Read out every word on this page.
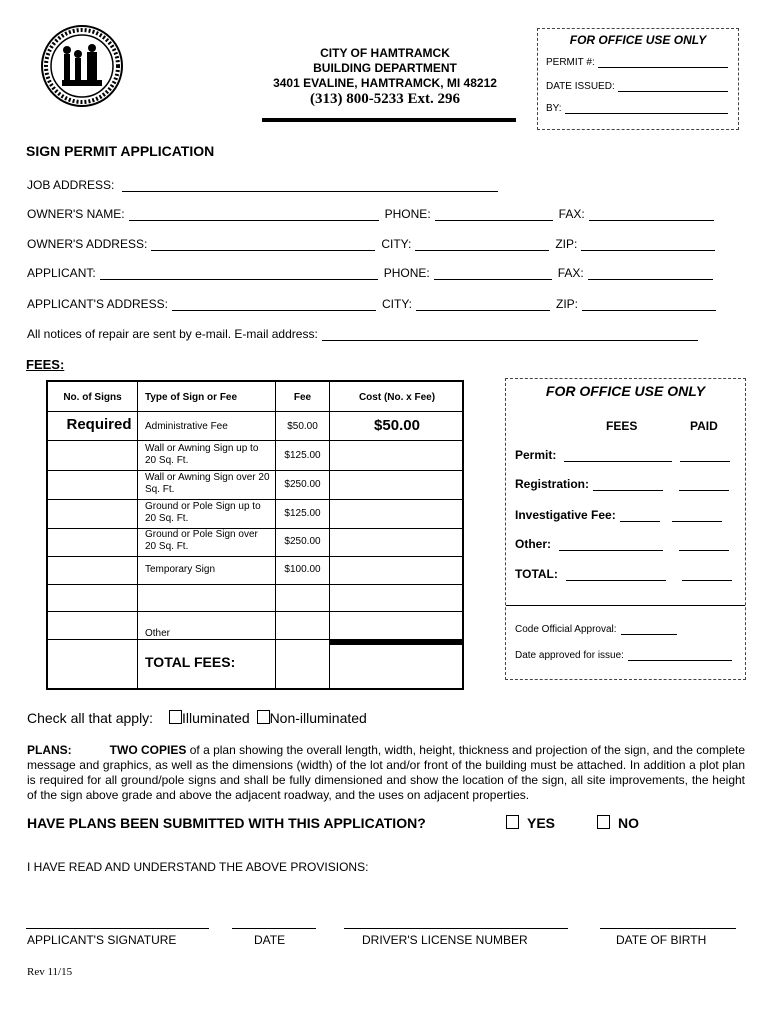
CITY OF HAMTRAMCK
BUILDING DEPARTMENT
3401 EVALINE, HAMTRAMCK, MI 48212
(313) 800-5233 Ext. 296
FOR OFFICE USE ONLY
PERMIT #:
DATE ISSUED:
BY:
SIGN PERMIT APPLICATION
JOB ADDRESS:
OWNER'S NAME:	PHONE:	FAX:
OWNER'S ADDRESS:	CITY:	ZIP:
APPLICANT:	PHONE:	FAX:
APPLICANT'S ADDRESS:	CITY:	ZIP:
All notices of repair are sent by e-mail. E-mail address:
FEES:
No. of Signs	Type of Sign or Fee	Fee	Cost (No. x Fee)
Required	Administrative Fee	$50.00	$50.00
Wall or Awning Sign up to 20 Sq. Ft.	$125.00
Wall or Awning Sign over 20 Sq. Ft.	$250.00
Ground or Pole Sign up to 20 Sq. Ft.	$125.00
Ground or Pole Sign over 20 Sq. Ft.	$250.00
Temporary Sign	$100.00
Other
TOTAL FEES:
FOR OFFICE USE ONLY
FEES	PAID
Permit:
Registration:
Investigative Fee:
Other:
TOTAL:
Code Official Approval:
Date approved for issue:
Check all that apply: Illuminated Non-illuminated
PLANS:	TWO COPIES of a plan showing the overall length, width, height, thickness and projection of the sign, and the complete message and graphics, as well as the dimensions (width) of the lot and/or front of the building must be attached. In addition a plot plan is required for all ground/pole signs and shall be fully dimensioned and show the location of the sign, all site improvements, the height of the sign above grade and above the adjacent roadway, and the uses on adjacent properties.
HAVE PLANS BEEN SUBMITTED WITH THIS APPLICATION?	YES	NO
I HAVE READ AND UNDERSTAND THE ABOVE PROVISIONS:
APPLICANT'S SIGNATURE	DATE	DRIVER'S LICENSE NUMBER	DATE OF BIRTH
Rev 11/15
